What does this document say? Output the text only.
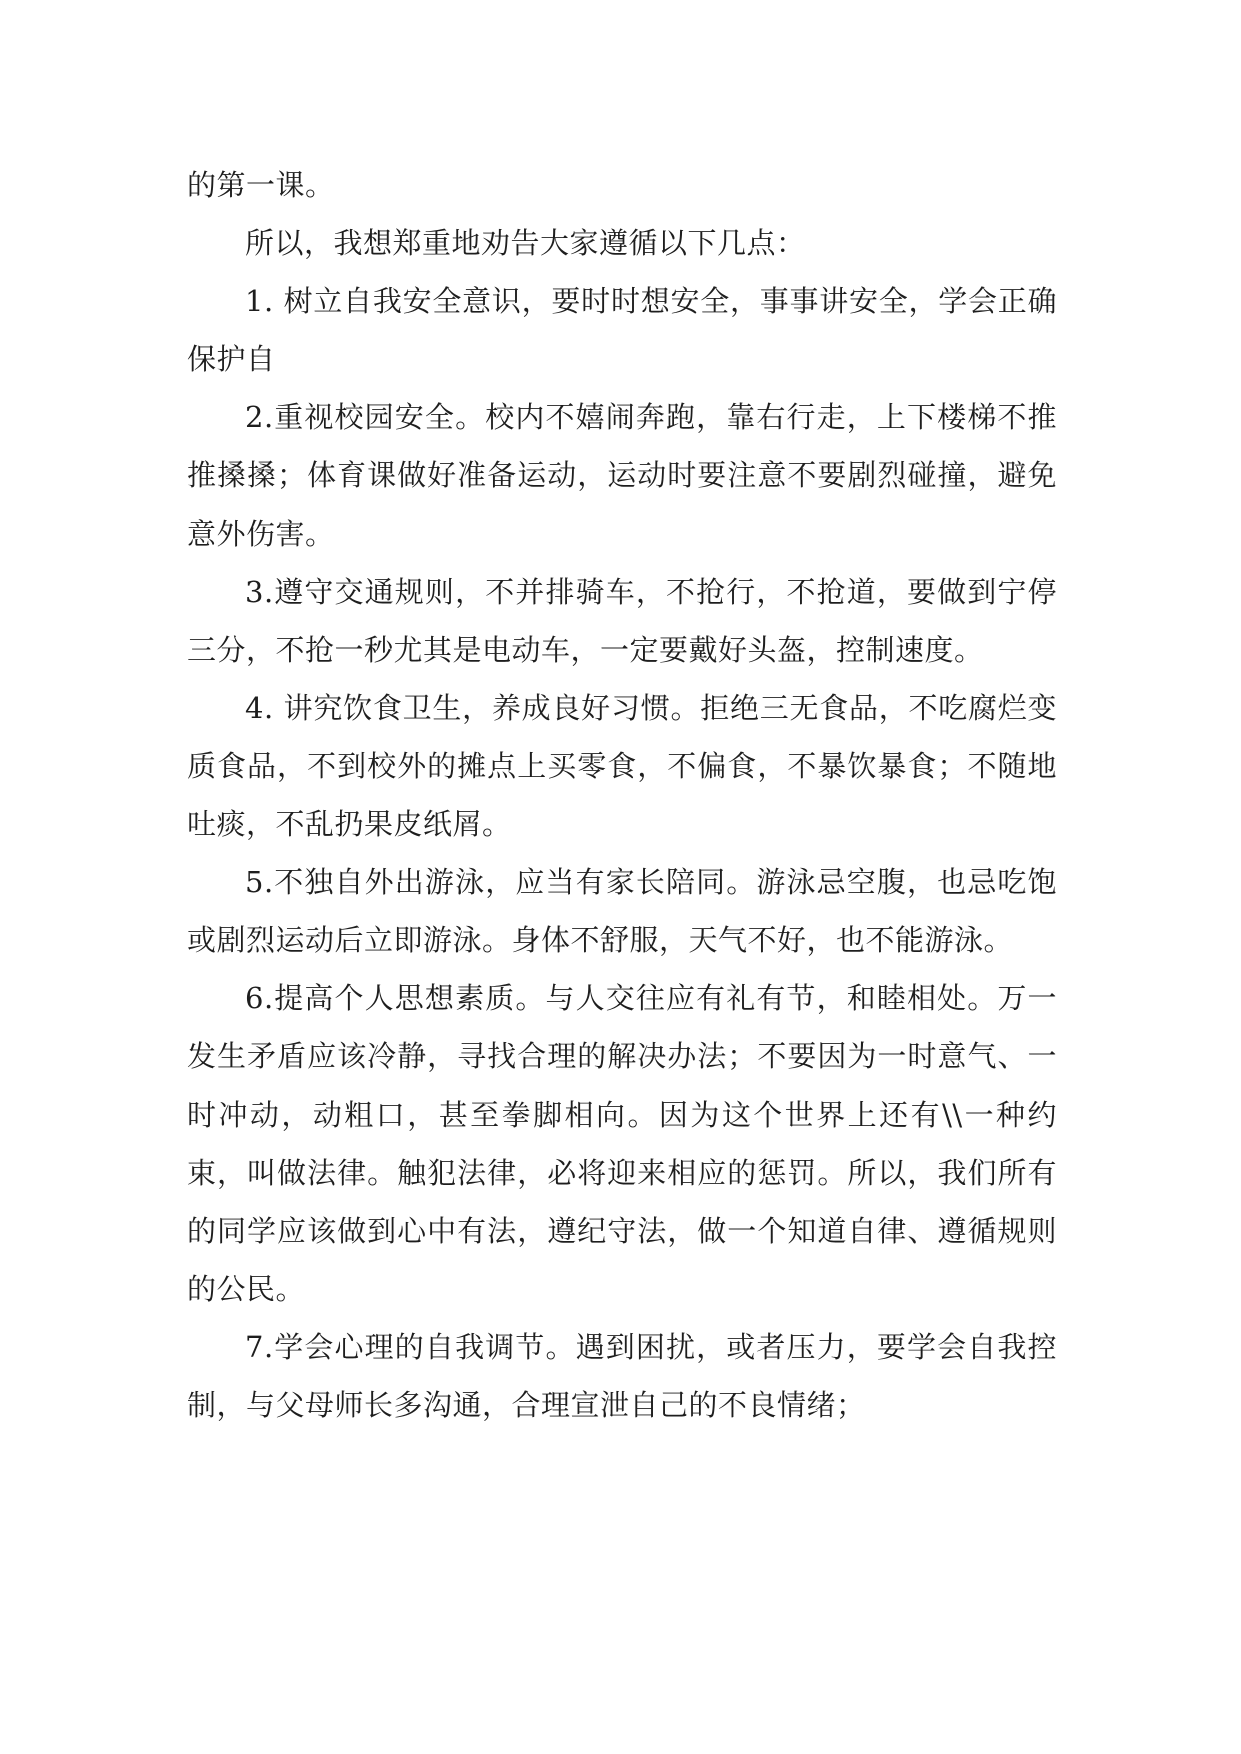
的第一课。

所以，我想郑重地劝告大家遵循以下几点：

1. 树立自我安全意识，要时时想安全，事事讲安全，学会正确保护自

2.重视校园安全。校内不嬉闹奔跑，靠右行走，上下楼梯不推推搡搡；体育课做好准备运动，运动时要注意不要剧烈碰撞，避免意外伤害。

3.遵守交通规则，不并排骑车，不抢行，不抢道，要做到宁停三分，不抢一秒尤其是电动车，一定要戴好头盔，控制速度。

4. 讲究饮食卫生，养成良好习惯。拒绝三无食品，不吃腐烂变质食品，不到校外的摊点上买零食，不偏食，不暴饮暴食；不随地吐痰，不乱扔果皮纸屑。

5.不独自外出游泳，应当有家长陪同。游泳忌空腹，也忌吃饱或剧烈运动后立即游泳。身体不舒服，天气不好，也不能游泳。

6.提高个人思想素质。与人交往应有礼有节，和睦相处。万一发生矛盾应该冷静，寻找合理的解决办法；不要因为一时意气、一时冲动，动粗口，甚至拳脚相向。因为这个世界上还有\\一种约束，叫做法律。触犯法律，必将迎来相应的惩罚。所以，我们所有的同学应该做到心中有法，遵纪守法，做一个知道自律、遵循规则的公民。

7.学会心理的自我调节。遇到困扰，或者压力，要学会自我控制，与父母师长多沟通，合理宣泄自己的不良情绪；
